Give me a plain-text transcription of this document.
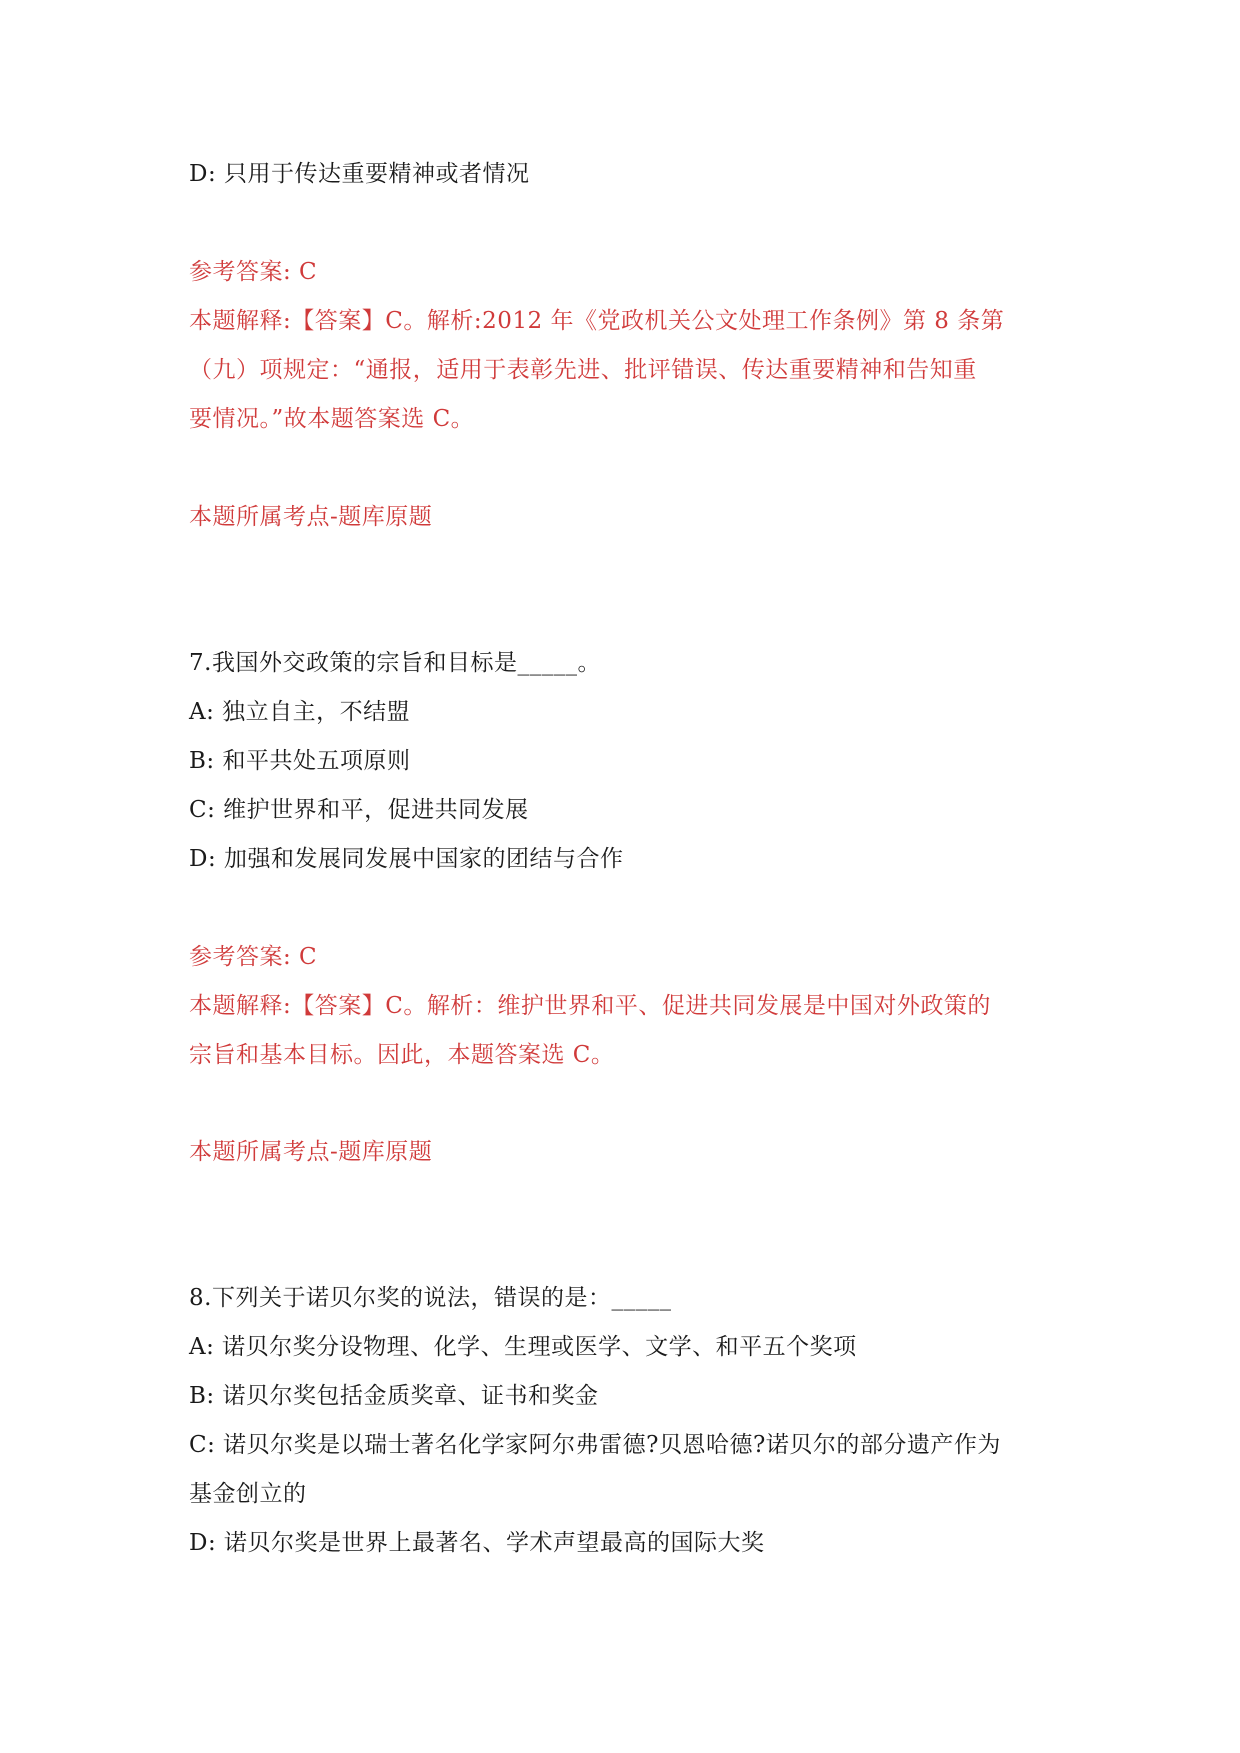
D: 只用于传达重要精神或者情况
参考答案: C
本题解释:【答案】C。解析:2012 年《党政机关公文处理工作条例》第 8 条第
（九）项规定：“通报，适用于表彰先进、批评错误、传达重要精神和告知重
要情况。”故本题答案选 C。
本题所属考点-题库原题
7.我国外交政策的宗旨和目标是_____。
A: 独立自主，不结盟
B: 和平共处五项原则
C: 维护世界和平，促进共同发展
D: 加强和发展同发展中国家的团结与合作
参考答案: C
本题解释:【答案】C。解析：维护世界和平、促进共同发展是中国对外政策的
宗旨和基本目标。因此，本题答案选 C。
本题所属考点-题库原题
8.下列关于诺贝尔奖的说法，错误的是：_____
A: 诺贝尔奖分设物理、化学、生理或医学、文学、和平五个奖项
B: 诺贝尔奖包括金质奖章、证书和奖金
C: 诺贝尔奖是以瑞士著名化学家阿尔弗雷德?贝恩哈德?诺贝尔的部分遗产作为
基金创立的
D: 诺贝尔奖是世界上最著名、学术声望最高的国际大奖
